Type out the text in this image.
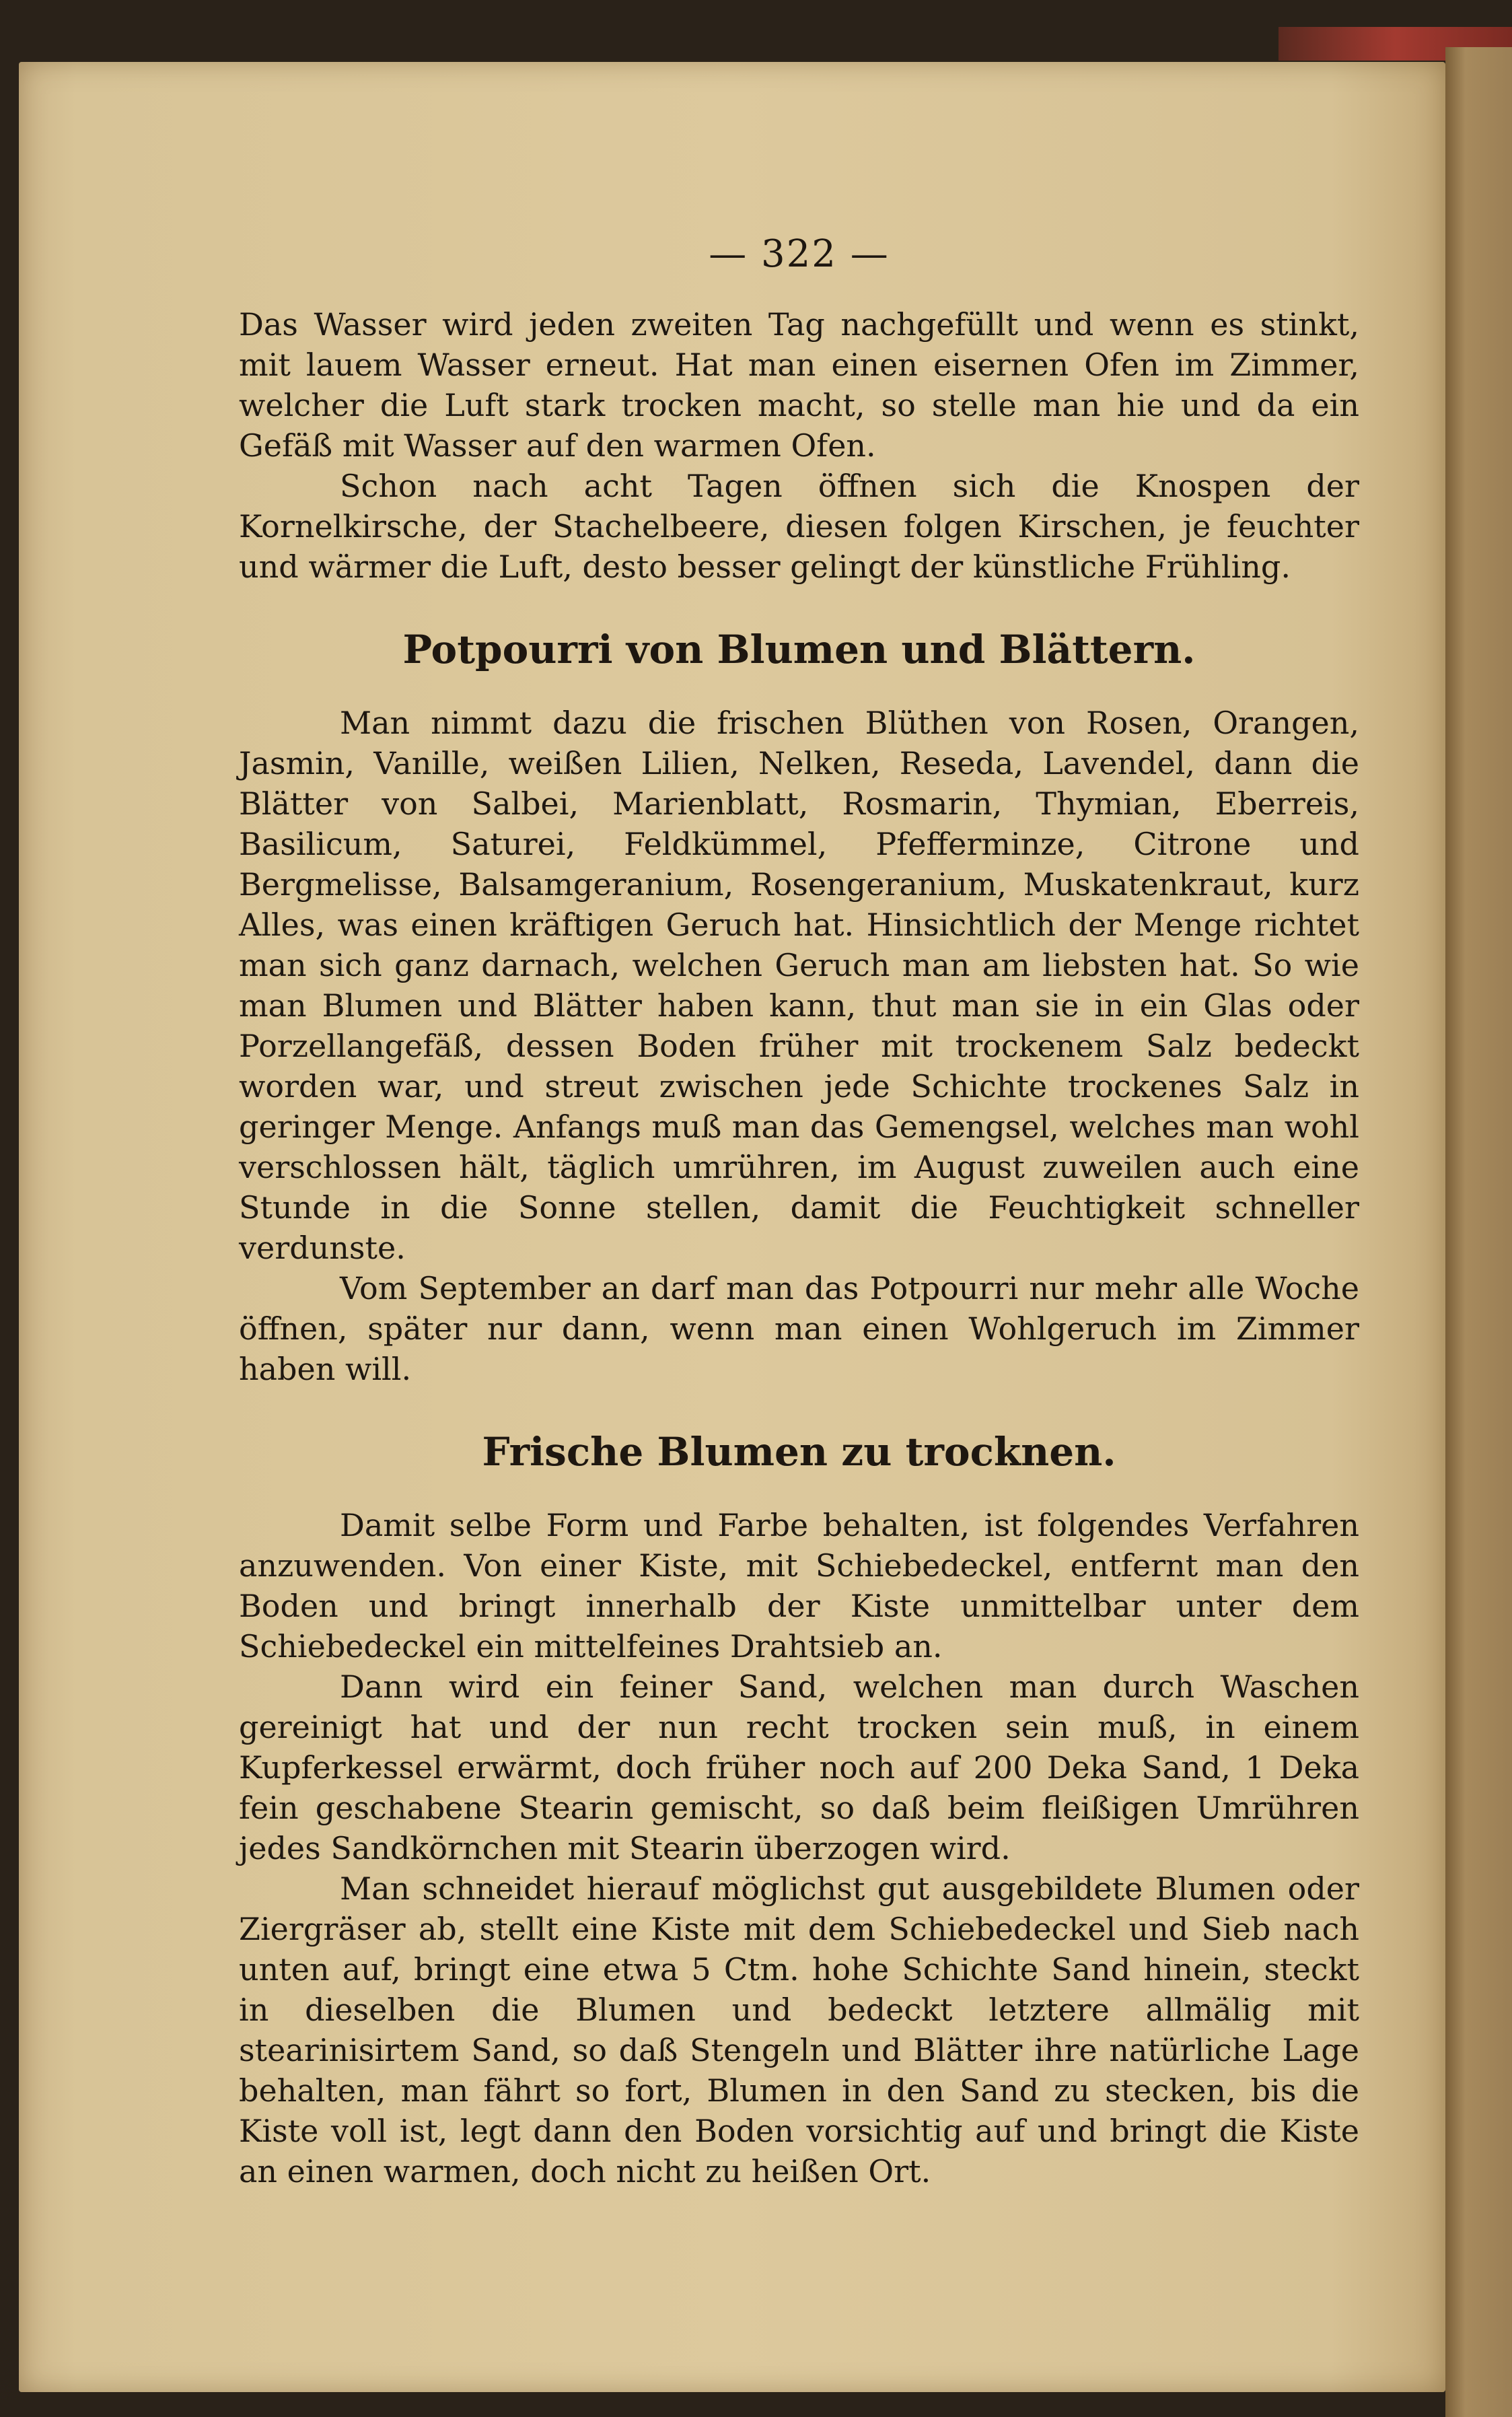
— 322 —

Das Wasser wird jeden zweiten Tag nachgefüllt und wenn es stinkt, mit lauem Wasser erneut. Hat man einen eisernen Ofen im Zimmer, welcher die Luft stark trocken macht, so stelle man hie und da ein Gefäß mit Wasser auf den warmen Ofen.

Schon nach acht Tagen öffnen sich die Knospen der Kornelkirsche, der Stachelbeere, diesen folgen Kirschen, je feuchter und wärmer die Luft, desto besser gelingt der künstliche Frühling.

Potpourri von Blumen und Blättern.

Man nimmt dazu die frischen Blüthen von Rosen, Orangen, Jasmin, Vanille, weißen Lilien, Nelken, Reseda, Lavendel, dann die Blätter von Salbei, Marienblatt, Rosmarin, Thymian, Eberreis, Basilicum, Saturei, Feldkümmel, Pfefferminze, Citrone und Bergmelisse, Balsamgeranium, Rosengeranium, Muskatenkraut, kurz Alles, was einen kräftigen Geruch hat. Hinsichtlich der Menge richtet man sich ganz darnach, welchen Geruch man am liebsten hat. So wie man Blumen und Blätter haben kann, thut man sie in ein Glas oder Porzellangefäß, dessen Boden früher mit trockenem Salz bedeckt worden war, und streut zwischen jede Schichte trockenes Salz in geringer Menge. Anfangs muß man das Gemengsel, welches man wohl verschlossen hält, täglich umrühren, im August zuweilen auch eine Stunde in die Sonne stellen, damit die Feuchtigkeit schneller verdunste.

Vom September an darf man das Potpourri nur mehr alle Woche öffnen, später nur dann, wenn man einen Wohlgeruch im Zimmer haben will.

Frische Blumen zu trocknen.

Damit selbe Form und Farbe behalten, ist folgendes Verfahren anzuwenden. Von einer Kiste, mit Schiebedeckel, entfernt man den Boden und bringt innerhalb der Kiste unmittelbar unter dem Schiebedeckel ein mittelfeines Drahtsieb an.

Dann wird ein feiner Sand, welchen man durch Waschen gereinigt hat und der nun recht trocken sein muß, in einem Kupferkessel erwärmt, doch früher noch auf 200 Deka Sand, 1 Deka fein geschabene Stearin gemischt, so daß beim fleißigen Umrühren jedes Sandkörnchen mit Stearin überzogen wird.

Man schneidet hierauf möglichst gut ausgebildete Blumen oder Ziergräser ab, stellt eine Kiste mit dem Schiebedeckel und Sieb nach unten auf, bringt eine etwa 5 Ctm. hohe Schichte Sand hinein, steckt in dieselben die Blumen und bedeckt letztere allmälig mit stearinisirtem Sand, so daß Stengeln und Blätter ihre natürliche Lage behalten, man fährt so fort, Blumen in den Sand zu stecken, bis die Kiste voll ist, legt dann den Boden vorsichtig auf und bringt die Kiste an einen warmen, doch nicht zu heißen Ort.
